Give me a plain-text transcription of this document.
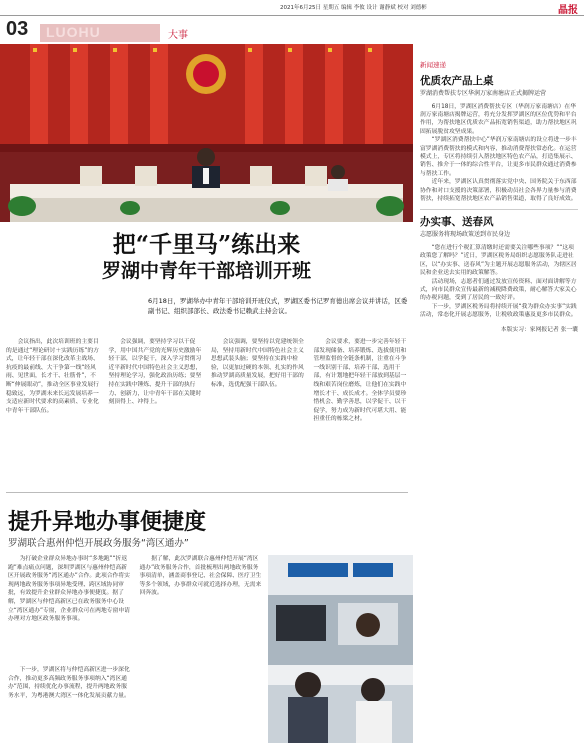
2021年6月25日 星期五 编辑 李攸 设计 谢静斌 校对 刘德彬	晶报
LUOHU
03	大事
把“千里马”练出来
罗湖中青年干部培训开班
6月18日，罗湖举办中青年干部培训开班仪式，罗湖区委书记罗育德出席会议并讲话，区委副书记、组织部部长、政法委书记赖武主持会议。

会议指出，此次培训班的主要目的是通过“理论研讨＋实践历练”的方式，让年轻干部在深化改革主战场、抗疫的最前线、大干争第一线“经风雨、见世面，长才干、壮筋骨”，不断“伸展眼动”，推动全区事业发展行稳致远，为罗湖未来长远发展培养一支适应新时代要求的高素质、专业化中青年干部队伍。

会议强调，要坚持学习以干促学，用中国共产党的光辉历史激励年轻干部，以学促干，深入学习贯彻习近平新时代中国特色社会主义思想，坚持理论学习，强化政治历练；要坚持在实践中锤炼、提升干部的执行力、创新力，让中青年干部在关键时刻顶得上、冲得上。

会议强调，要坚持以党建统领全局，坚持用新时代中国特色社会主义思想武装头脑；要坚持在实践中检验，以更加过硬的本领、扎实的作风推动罗湖高质量发展，把好用干部的标准，选优配强干部队伍。

会议要求，要进一步完善年轻干部发现储备、培养锻炼、选拔使用和管理监督的全链条机制，注重在斗争一线识别干部、培养干部、选用干部，有计划地把年轻干部放到基层一线和艰苦岗位磨炼，让他们在实践中增长才干、成长成才。全体学员要珍惜机会、勤学善思，以学促干、以干促学，努力成为新时代可堪大用、能担重任的栋梁之材。

提升异地办事便捷度
罗湖联合惠州仲恺开展政务服务“湾区通办”

为打破企业群众异地办事时“多地跑”“折返跑”难点痛点问题，深圳罗湖区与惠州仲恺高新区开展政务服务“湾区通办”合作。此项合作将实现两地政务服务事项异地受理、跨区域协同审批，有效提升企业群众异地办事便捷度。据了解，罗湖区与仲恺高新区已在政务服务中心设立“湾区通办”专窗，企业群众可在两地专窗申请办理对方地区政务服务事项。

据了解，此次罗湖联合惠州仲恺开展“湾区通办”政务服务合作，首批梳理出两地政务服务事项清单，涵盖商事登记、社会保障、医疗卫生等多个领域，办事群众可就近选择办理，无需来回奔波。

下一步，罗湖区将与仲恺高新区进一步深化合作，推动更多高频政务服务事项纳入“湾区通办”范围，持续优化办事流程，提升两地政务服务水平，为粤港澳大湾区一体化发展贡献力量。

新闻速递
优质农产品上桌
罗湖消费帮扶专区华润万家南塘店正式揭牌运营

6月18日，罗湖区消费帮扶专区（华润万家南塘店）在华润万家南塘店揭牌运营，将充分发挥罗湖区的区位优势和平台作用，为帮扶地区优质农产品拓宽销售渠道，助力帮扶地区巩固拓展脱贫攻坚成果。

“罗湖区消费帮扶中心”华润万家南塘店的设立将进一步丰富罗湖消费帮扶的模式和内容，推动消费帮扶常态化。在运营模式上，专区将持续引入帮扶地区特色农产品，打造集展示、销售、推介于一体的综合性平台，让更多市民群众通过消费参与帮扶工作。

近年来，罗湖区认真贯彻落实党中央、国务院关于东西部协作和对口支援的决策部署，积极动员社会各界力量参与消费帮扶，持续拓宽帮扶地区农产品销售渠道，取得了良好成效。

办实事、送春风
志愿服务将现场政策送到市民身边

“您在进行个税汇算清缴时还需要关注哪些事项？”“这项政策您了解吗？”近日，罗湖区税务局组织志愿服务队走进社区，以“办实事、送春风”为主题开展志愿服务活动，为辖区居民和企业送去实用的政策解答。

活动现场，志愿者们通过发放宣传资料、面对面讲解等方式，向市民群众宣传最新的减税降费政策，耐心解答大家关心的办税问题，受到了居民的一致好评。

下一步，罗湖区税务局将持续开展“我为群众办实事”实践活动，常态化开展志愿服务，让税收政策惠及更多市民群众。

本版实习：家网报记者 张一囊
